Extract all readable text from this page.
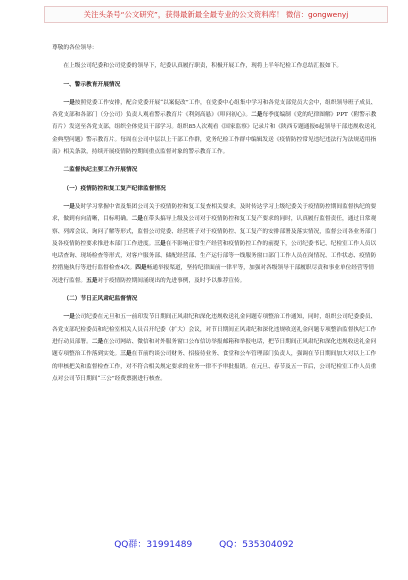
关注头条号“公文研究”，获得最新最全最专业的公文资料库！ 微信：gongwenyj

尊敬的各位领导：

在上级公司纪委和公司党委的领导下，纪委认真履行职责，积极开展工作，现将上半年纪检工作总结汇报如下。

一、警示教育开展情况

一是按照党委工作安排，配合党委开展“以案促改”工作，在党委中心组集中学习和各党支部党员大会中，组织领导班子成员、各党支部和各部门（分公司）负责人观看警示教育片《利剑高悬》《叩问初心》。二是每季度编制《党的纪律图解》PPT（附警示教育片）发送至各党支部，组织全体党员干部学习。组织85人次观看《国家监察》记录片和《陕西专题通报6起领导干部违规收送礼金典型问题》警示教育片。每周在公司中层以上干部工作群，党务纪检工作群中编辑发送《疫情防控常见违纪违法行为法规适用指南》相关条款，持续开展疫情防控期间重点监督对象的警示教育工作。

二监督执纪主要工作开展情况

（一）疫情防控和复工复产纪律监督情况

一是及时学习掌握中省及集团公司关于疫情防控和复工复查相关要求，及时传达学习上级纪委关于疫情防控期间监督执纪的要求，做到有向清晰，目标明确。二是在带头搞导上级及公司对于疫情防控和复工复产要求的同时，认真履行监督责任，通过日常观察、列席会议、询问了解等形式，监督公司党委、经营班子对于疫情防控、复工复产的安排部署及落实情况，监督公司各业务部门及各疫情防控要求推进本部门工作进度。三是在不影响正常生产经营和疫情防控工作的前提下，公司纪委书记、纪检室工作人员以电话查询、现场检查等形式，对客户服务部、储配经营部、生产运行部等一线服务窗口部门工作人员在岗情况、工作状态、疫情防控措施执行等进行监督检查4次。四是畅通举报渠道，坚持纪律面前一律平等，加强对各级领导干部履职尽责和事业单位经营等情况进行监督。五是对于疫情防控期间涌现出的先进事例，及时予以推荐宣传。

（二）节日正风肃纪监督情况

一是公司纪委在元旦和五一前印发节日期间正风肃纪和深化违规收送礼金问题专项整治工作通知，同时，组织公司纪委委员、各党支部纪检委员和纪检室相关人员召开纪委（扩大）会议，对节日期间正风肃纪和深化违规收送礼金问题专项整治监督执纪工作进行动员部署。二是在公司网站、微信和对外服务窗口公布信访举报邮箱和举报电话，把节日期间正风肃纪和深化违规收送礼金问题专项整治工作落到实处。三是在节前约谈公司财务、招接待业务、食堂和公车管理部门负责人，强调在节日期间加大对以上工作的审核把关和监督检查工作，对不符合相关规定要求的业务一律不予审批报销。在元旦、春节及五一节后，公司纪检室工作人员重点对公司节日期间“三公”经费票据进行核查。

QQ群：31991489	QQ：535304092
